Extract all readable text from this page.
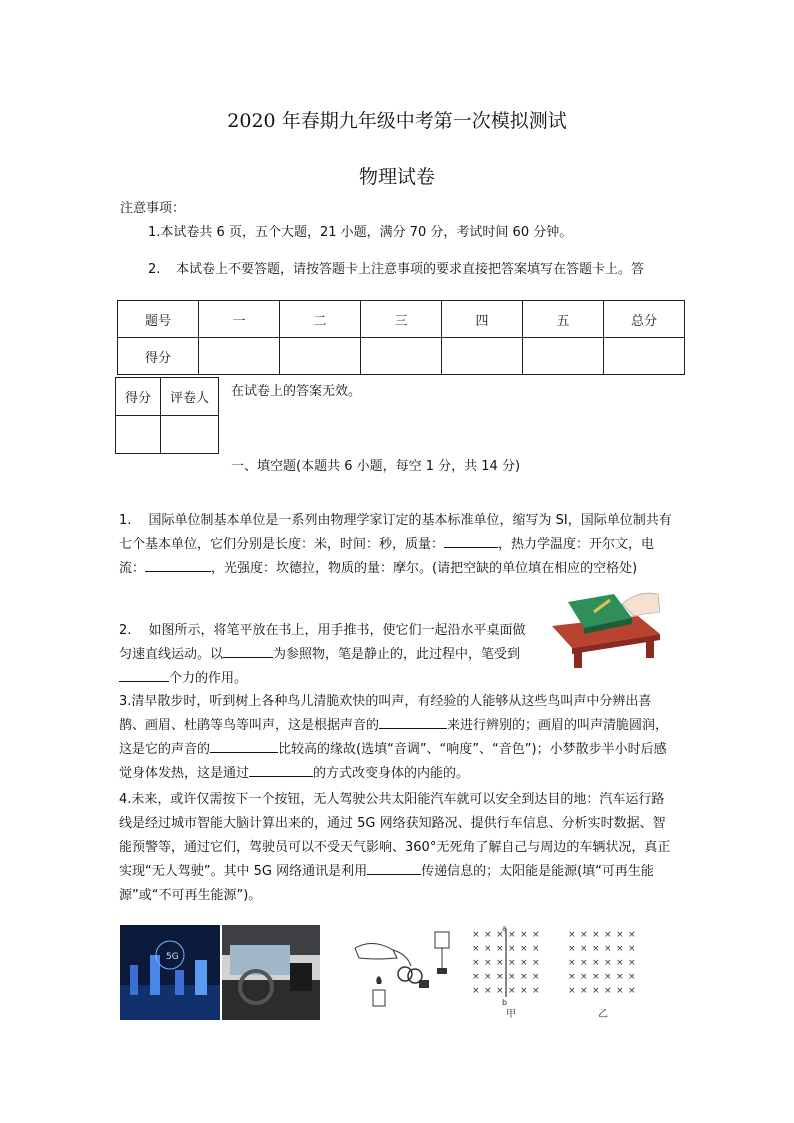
2020 年春期九年级中考第一次模拟测试
物理试卷
注意事项：
1.本试卷共 6 页，五个大题，21 小题，满分 70 分，考试时间 60 分钟。
2. 本试卷上不要答题，请按答题卡上注意事项的要求直接把答案填写在答题卡上。答
题号	一	二	三	四	五	总分
得分						
得分	评卷人
	在试卷上的答案无效。
一、填空题(本题共 6 小题，每空 1 分，共 14 分)
1.　 国际单位制基本单位是一系列由物理学家订定的基本标准单位，缩写为 SI，国际单位制共有七个基本单位，它们分别是长度：米，时间：秒，质量：	，热力学温度：开尔文，电流：	，光强度：坎德拉，物质的量：摩尔。(请把空缺的单位填在相应的空格处)
2.　 如图所示，将笔平放在书上，用手推书，使它们一起沿水平桌面做匀速直线运动。以	为参照物，笔是静止的，此过程中，笔受到个力的作用。
3.清早散步时，听到树上各种鸟儿清脆欢快的叫声，有经验的人能够从这些鸟叫声中分辨出喜鹊、画眉、杜鹃等鸟等叫声，这是根据声音的	来进行辨别的；画眉的叫声清脆圆润，这是它的声音的	比较高的缘故(选填“音调”、“响度”、“音色”)；小梦散步半小时后感觉身体发热，这是通过	的方式改变身体的内能的。
4.未来，或许仅需按下一个按钮，无人驾驶公共太阳能汽车就可以安全到达目的地：汽车运行路线是经过城市智能大脑计算出来的，通过 5G 网络获知路况、提供行车信息、分析实时数据、智能预警等，通过它们，驾驶员可以不受天气影响、360°无死角了解自己与周边的车辆状况，真正实现“无人驾驶”。其中 5G 网络通讯是利用	传递信息的；太阳能是能源(填“可再生能源”或“不可再生能源”)。
5G
× × × × × ×
× × × × × ×
× × × × × ×
× × × × × ×
× × × × × ×
× × × × × ×
× × × × × ×
× × × × × ×
× × × × × ×
× × × × × ×
a
b
甲	乙
